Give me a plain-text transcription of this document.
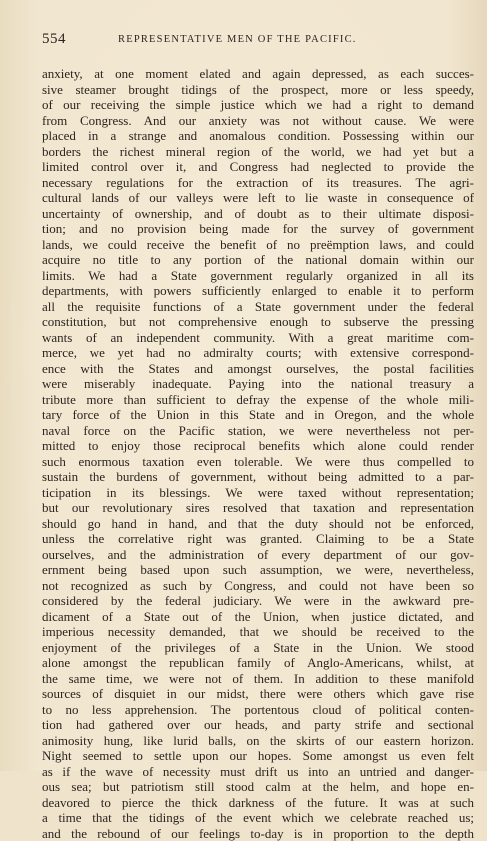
554	REPRESENTATIVE MEN OF THE PACIFIC.
anxiety, at one moment elated and again depressed, as each succes-
sive steamer brought tidings of the prospect, more or less speedy,
of our receiving the simple justice which we had a right to demand
from Congress. And our anxiety was not without cause. We were
placed in a strange and anomalous condition. Possessing within our
borders the richest mineral region of the world, we had yet but a
limited control over it, and Congress had neglected to provide the
necessary regulations for the extraction of its treasures. The agri-
cultural lands of our valleys were left to lie waste in consequence of
uncertainty of ownership, and of doubt as to their ultimate disposi-
tion; and no provision being made for the survey of government
lands, we could receive the benefit of no preëmption laws, and could
acquire no title to any portion of the national domain within our
limits. We had a State government regularly organized in all its
departments, with powers sufficiently enlarged to enable it to perform
all the requisite functions of a State government under the federal
constitution, but not comprehensive enough to subserve the pressing
wants of an independent community. With a great maritime com-
merce, we yet had no admiralty courts; with extensive correspond-
ence with the States and amongst ourselves, the postal facilities
were miserably inadequate. Paying into the national treasury a
tribute more than sufficient to defray the expense of the whole mili-
tary force of the Union in this State and in Oregon, and the whole
naval force on the Pacific station, we were nevertheless not per-
mitted to enjoy those reciprocal benefits which alone could render
such enormous taxation even tolerable. We were thus compelled to
sustain the burdens of government, without being admitted to a par-
ticipation in its blessings. We were taxed without representation;
but our revolutionary sires resolved that taxation and representation
should go hand in hand, and that the duty should not be enforced,
unless the correlative right was granted. Claiming to be a State
ourselves, and the administration of every department of our gov-
ernment being based upon such assumption, we were, nevertheless,
not recognized as such by Congress, and could not have been so
considered by the federal judiciary. We were in the awkward pre-
dicament of a State out of the Union, when justice dictated, and
imperious necessity demanded, that we should be received to the
enjoyment of the privileges of a State in the Union. We stood
alone amongst the republican family of Anglo-Americans, whilst, at
the same time, we were not of them. In addition to these manifold
sources of disquiet in our midst, there were others which gave rise
to no less apprehension. The portentous cloud of political conten-
tion had gathered over our heads, and party strife and sectional
animosity hung, like lurid balls, on the skirts of our eastern horizon.
Night seemed to settle upon our hopes. Some amongst us even felt
as if the wave of necessity must drift us into an untried and danger-
ous sea; but patriotism still stood calm at the helm, and hope en-
deavored to pierce the thick darkness of the future. It was at such
a time that the tidings of the event which we celebrate reached us;
and the rebound of our feelings to-day is in proportion to the depth
